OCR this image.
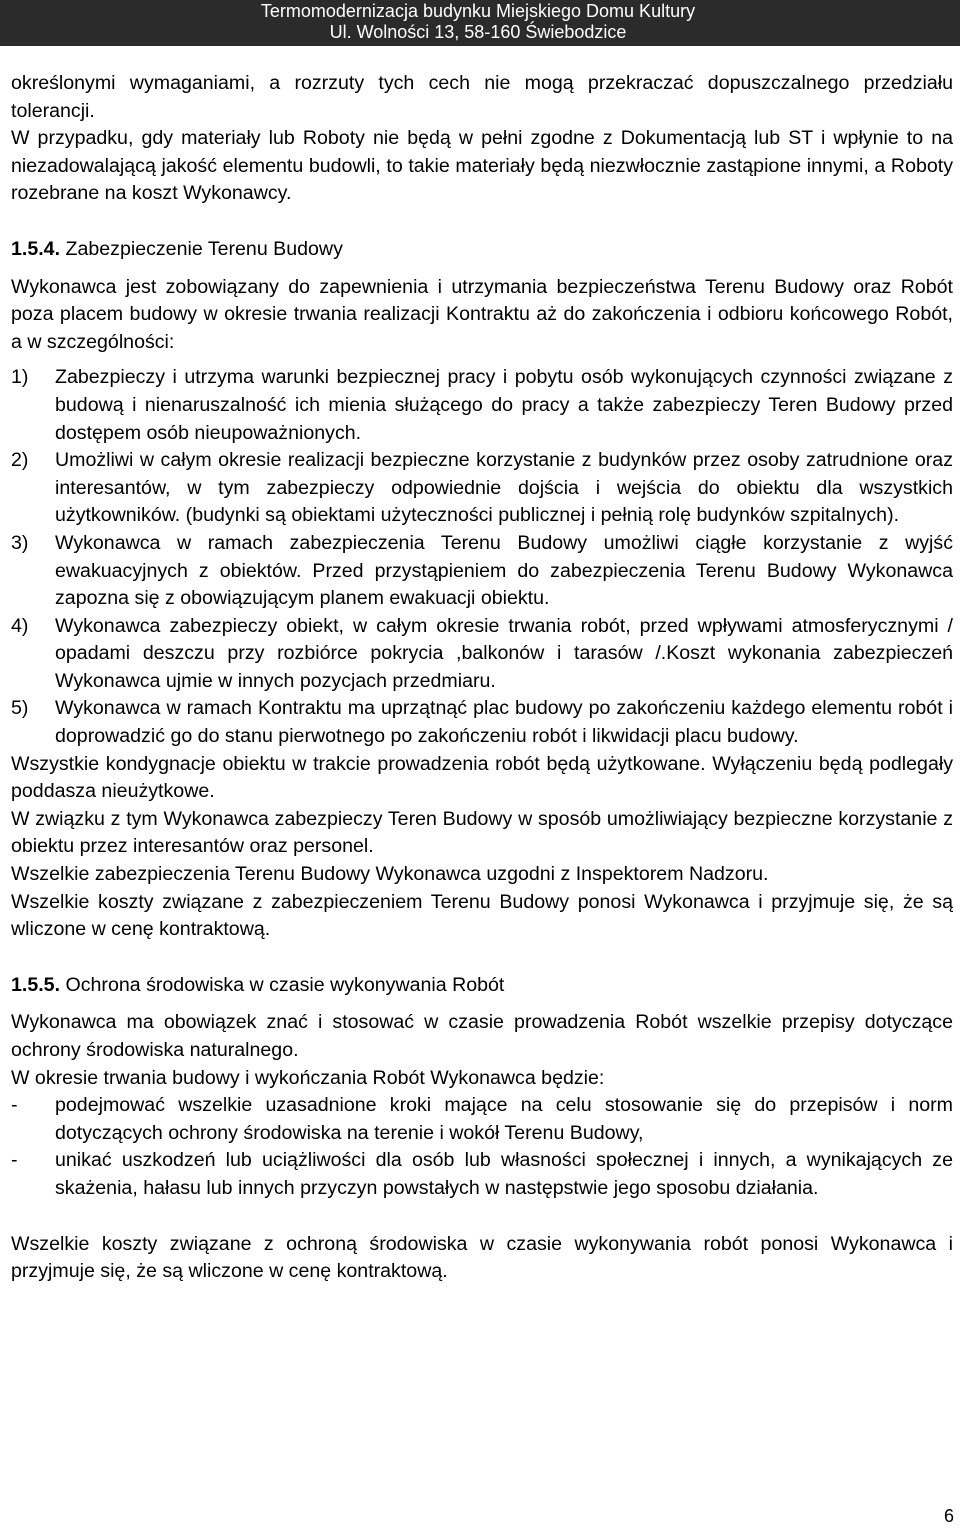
Termomodernizacja budynku Miejskiego Domu Kultury
Ul. Wolności 13, 58-160 Świebodzice

określonymi wymaganiami, a rozrzuty tych cech nie mogą przekraczać dopuszczalnego przedziału tolerancji.

W przypadku, gdy materiały lub Roboty nie będą w pełni zgodne z Dokumentacją lub ST i wpłynie to na niezadowalającą jakość elementu budowli, to takie materiały będą niezwłocznie zastąpione innymi, a Roboty rozebrane na koszt Wykonawcy.

1.5.4. Zabezpieczenie Terenu Budowy

Wykonawca jest zobowiązany do zapewnienia i utrzymania bezpieczeństwa Terenu Budowy oraz Robót poza placem budowy w okresie trwania realizacji Kontraktu aż do zakończenia i odbioru końcowego Robót, a w szczególności:

1)	Zabezpieczy i utrzyma warunki bezpiecznej pracy i pobytu osób wykonujących czynności związane z budową i nienaruszalność ich mienia służącego do pracy a także zabezpieczy Teren Budowy przed dostępem osób nieupoważnionych.
2)	Umożliwi w całym okresie realizacji bezpieczne korzystanie z budynków przez osoby zatrudnione oraz interesantów, w tym zabezpieczy odpowiednie dojścia i wejścia do obiektu dla wszystkich użytkowników. (budynki są obiektami użyteczności publicznej i pełnią rolę budynków szpitalnych).
3)	Wykonawca w ramach zabezpieczenia Terenu Budowy umożliwi ciągłe korzystanie z wyjść ewakuacyjnych z obiektów. Przed przystąpieniem do zabezpieczenia Terenu Budowy Wykonawca zapozna się z obowiązującym planem ewakuacji obiektu.
4)	Wykonawca zabezpieczy obiekt, w całym okresie trwania robót, przed wpływami atmosferycznymi / opadami deszczu przy rozbiórce pokrycia ,balkonów i tarasów /.Koszt wykonania zabezpieczeń Wykonawca ujmie w innych pozycjach przedmiaru.
5)	Wykonawca w ramach Kontraktu ma uprzątnąć plac budowy po zakończeniu każdego elementu robót i doprowadzić go do stanu pierwotnego po zakończeniu robót i likwidacji placu budowy.

Wszystkie kondygnacje obiektu w trakcie prowadzenia robót będą użytkowane. Wyłączeniu będą podlegały poddasza nieużytkowe.

W związku z tym Wykonawca zabezpieczy Teren Budowy w sposób umożliwiający bezpieczne korzystanie z obiektu przez interesantów oraz personel.

Wszelkie zabezpieczenia Terenu Budowy Wykonawca uzgodni z Inspektorem Nadzoru.

Wszelkie koszty związane z zabezpieczeniem Terenu Budowy ponosi Wykonawca i przyjmuje się, że są wliczone w cenę kontraktową.

1.5.5. Ochrona środowiska w czasie wykonywania Robót

Wykonawca ma obowiązek znać i stosować w czasie prowadzenia Robót wszelkie przepisy dotyczące ochrony środowiska naturalnego.

W okresie trwania budowy i wykończania Robót Wykonawca będzie:

-	podejmować wszelkie uzasadnione kroki mające na celu stosowanie się do przepisów i norm dotyczących ochrony środowiska na terenie i wokół Terenu Budowy,
-	unikać uszkodzeń lub uciążliwości dla osób lub własności społecznej i innych, a wynikających ze skażenia, hałasu lub innych przyczyn powstałych w następstwie jego sposobu działania.

Wszelkie koszty związane z ochroną środowiska w czasie wykonywania robót ponosi Wykonawca i przyjmuje się, że są wliczone w cenę kontraktową.

6
